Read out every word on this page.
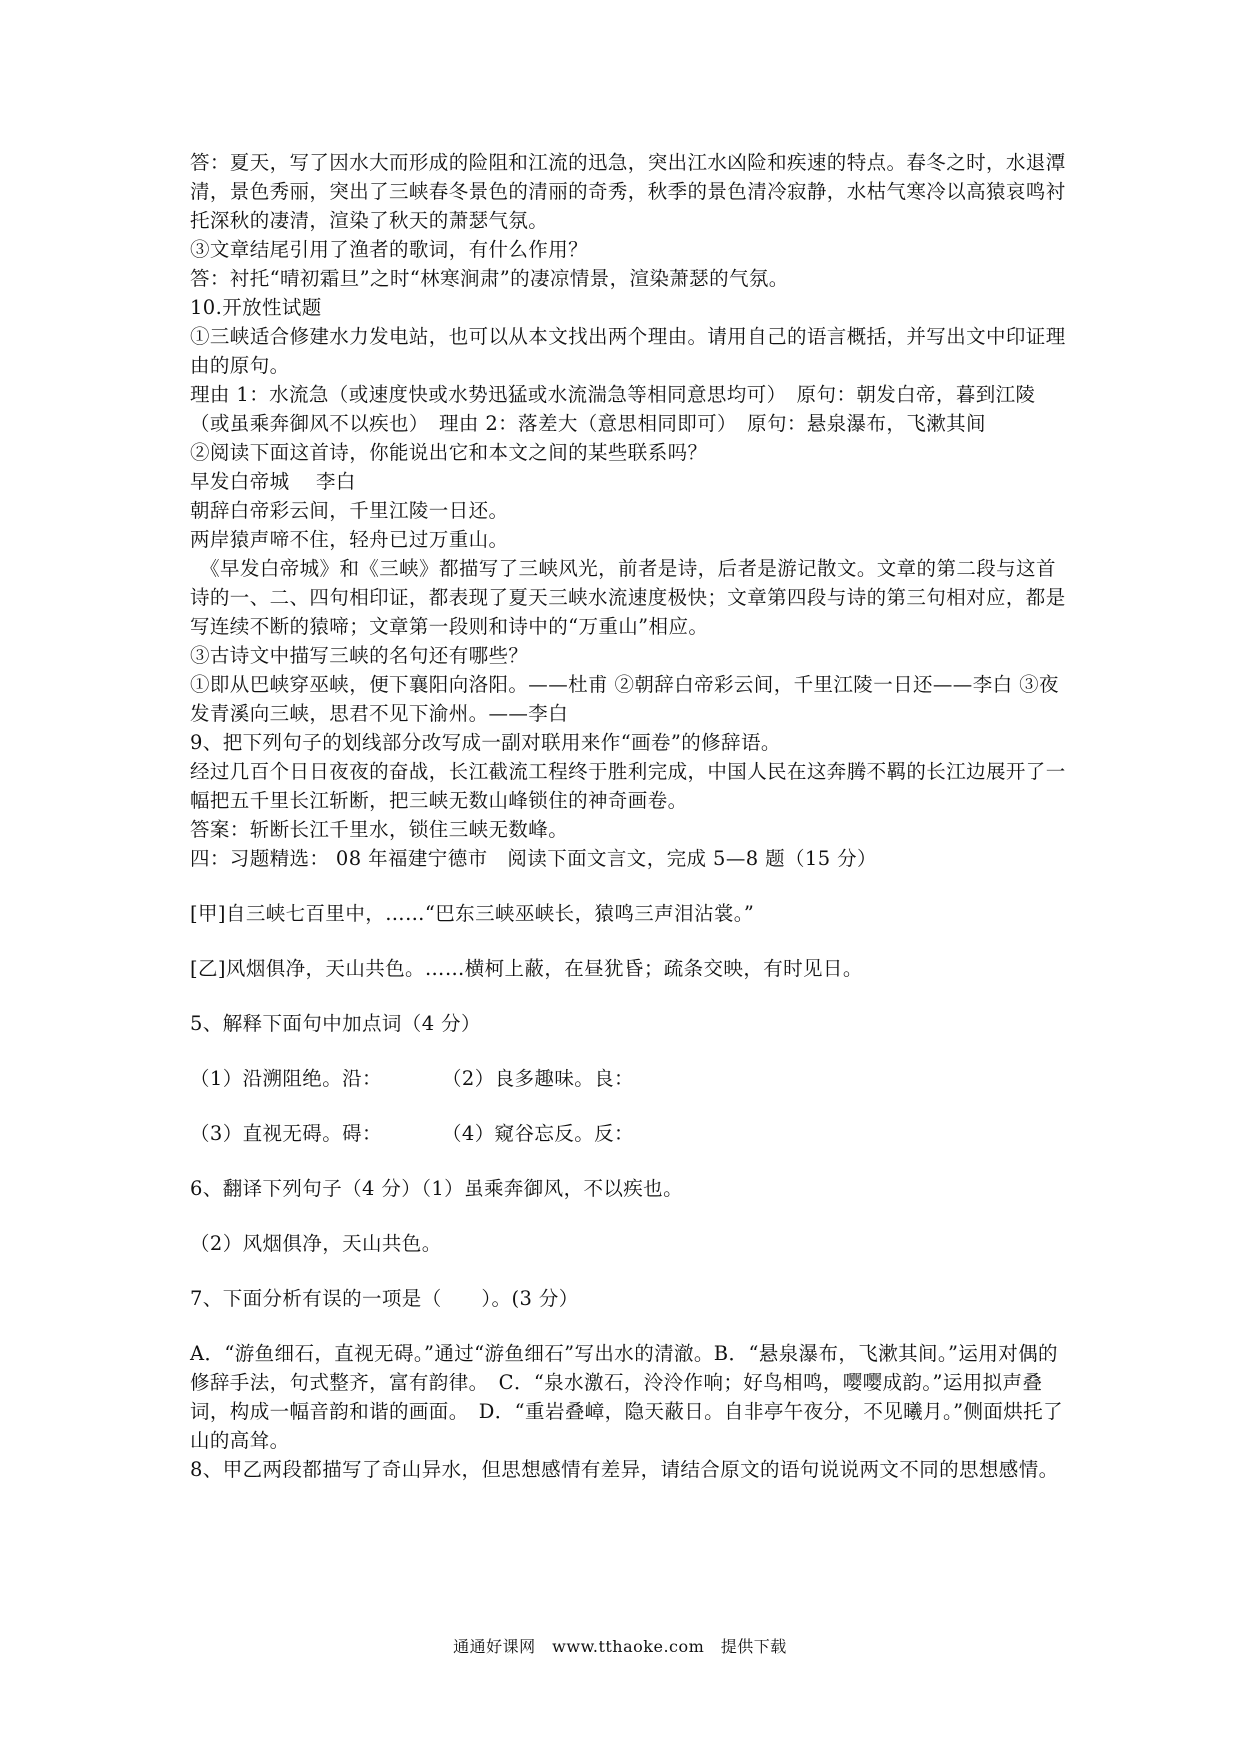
答：夏天，写了因水大而形成的险阻和江流的迅急，突出江水凶险和疾速的特点。春冬之时，水退潭清，景色秀丽，突出了三峡春冬景色的清丽的奇秀，秋季的景色清冷寂静，水枯气寒冷以高猿哀鸣衬托深秋的凄清，渲染了秋天的萧瑟气氛。

③文章结尾引用了渔者的歌词，有什么作用？

答：衬托“晴初霜旦”之时“林寒涧肃”的凄凉情景，渲染萧瑟的气氛。

10.开放性试题

①三峡适合修建水力发电站，也可以从本文找出两个理由。请用自己的语言概括，并写出文中印证理由的原句。

理由 1：水流急（或速度快或水势迅猛或水流湍急等相同意思均可）　原句：朝发白帝，暮到江陵（或虽乘奔御风不以疾也）　理由 2：落差大（意思相同即可）　原句：悬泉瀑布，飞漱其间

②阅读下面这首诗，你能说出它和本文之间的某些联系吗？

早发白帝城　 李白

朝辞白帝彩云间，千里江陵一日还。

两岸猿声啼不住，轻舟已过万重山。

　《早发白帝城》和《三峡》都描写了三峡风光，前者是诗，后者是游记散文。文章的第二段与这首诗的一、二、四句相印证，都表现了夏天三峡水流速度极快；文章第四段与诗的第三句相对应，都是写连续不断的猿啼；文章第一段则和诗中的“万重山”相应。

③古诗文中描写三峡的名句还有哪些？

①即从巴峡穿巫峡，便下襄阳向洛阳。——杜甫 ②朝辞白帝彩云间，千里江陵一日还——李白 ③夜发青溪向三峡，思君不见下渝州。——李白

9、把下列句子的划线部分改写成一副对联用来作“画卷”的修辞语。

经过几百个日日夜夜的奋战，长江截流工程终于胜利完成，中国人民在这奔腾不羁的长江边展开了一幅把五千里长江斩断，把三峡无数山峰锁住的神奇画卷。

答案：斩断长江千里水，锁住三峡无数峰。

四：习题精选： 08 年福建宁德市　阅读下面文言文，完成 5—8 题（15 分）

[甲]自三峡七百里中，……“巴东三峡巫峡长，猿鸣三声泪沾裳。”

[乙]风烟俱净，天山共色。……横柯上蔽，在昼犹昏；疏条交映，有时见日。

5、解释下面句中加点词（4 分）

（1）沿溯阻绝。沿：　　　　（2）良多趣味。良：

（3）直视无碍。碍：　　　　（4）窥谷忘反。反：

6、翻译下列句子（4 分）（1）虽乘奔御风，不以疾也。

（2）风烟俱净，天山共色。

7、下面分析有误的一项是（　　）。(3 分）

A．“游鱼细石，直视无碍。”通过“游鱼细石”写出水的清澈。B．“悬泉瀑布，飞漱其间。”运用对偶的修辞手法，句式整齐，富有韵律。　C．“泉水激石，泠泠作响；好鸟相鸣，嘤嘤成韵。”运用拟声叠词，构成一幅音韵和谐的画面。　D．“重岩叠嶂，隐天蔽日。自非亭午夜分，不见曦月。”侧面烘托了山的高耸。

8、甲乙两段都描写了奇山异水，但思想感情有差异，请结合原文的语句说说两文不同的思想感情。

通通好课网　www.tthaoke.com　提供下载
